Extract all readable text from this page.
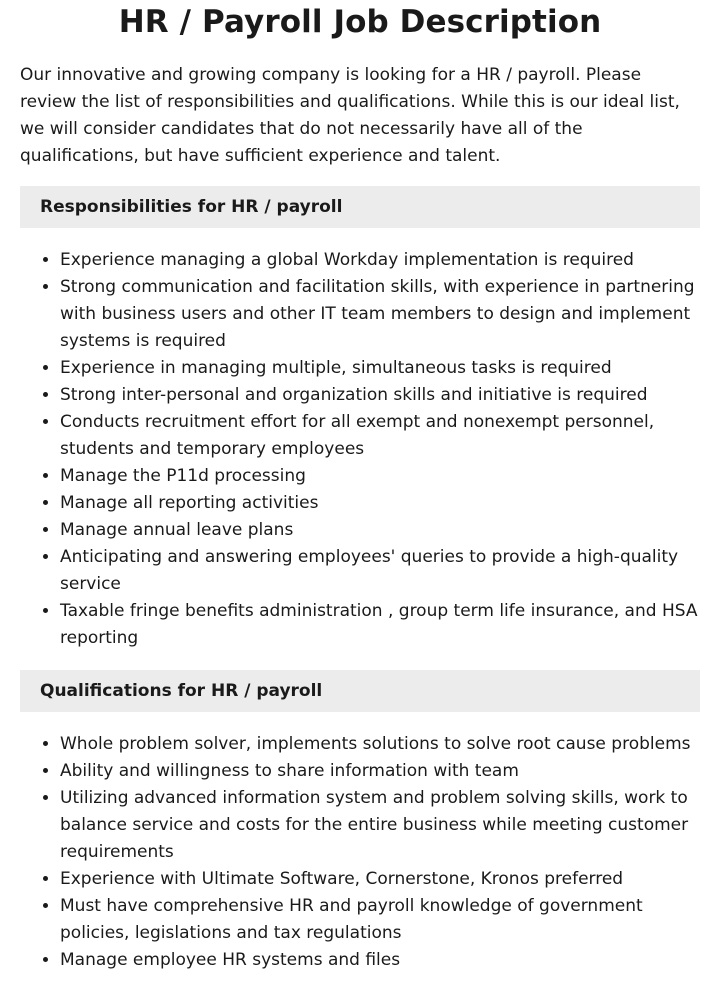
HR / Payroll Job Description

Our innovative and growing company is looking for a HR / payroll. Please review the list of responsibilities and qualifications. While this is our ideal list, we will consider candidates that do not necessarily have all of the qualifications, but have sufficient experience and talent.

Responsibilities for HR / payroll
• Experience managing a global Workday implementation is required
• Strong communication and facilitation skills, with experience in partnering with business users and other IT team members to design and implement systems is required
• Experience in managing multiple, simultaneous tasks is required
• Strong inter-personal and organization skills and initiative is required
• Conducts recruitment effort for all exempt and nonexempt personnel, students and temporary employees
• Manage the P11d processing
• Manage all reporting activities
• Manage annual leave plans
• Anticipating and answering employees' queries to provide a high-quality service
• Taxable fringe benefits administration , group term life insurance, and HSA reporting
Qualifications for HR / payroll
• Whole problem solver, implements solutions to solve root cause problems
• Ability and willingness to share information with team
• Utilizing advanced information system and problem solving skills, work to balance service and costs for the entire business while meeting customer requirements
• Experience with Ultimate Software, Cornerstone, Kronos preferred
• Must have comprehensive HR and payroll knowledge of government policies, legislations and tax regulations
• Manage employee HR systems and files
